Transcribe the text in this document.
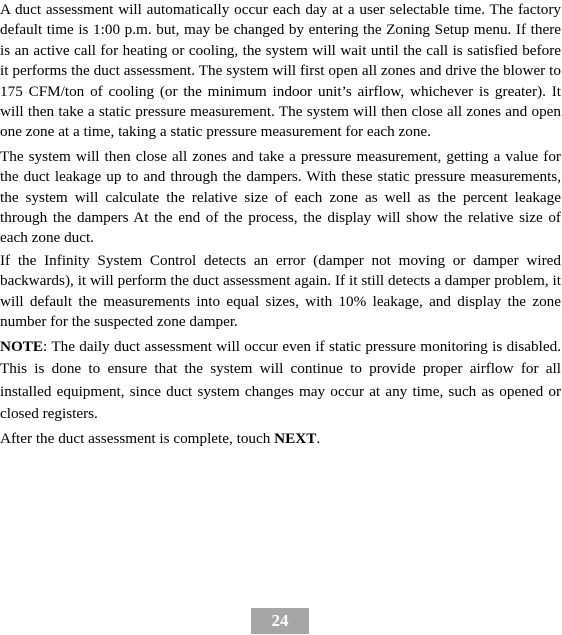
A duct assessment will automatically occur each day at a user selectable time. The factory default time is 1:00 p.m. but, may be changed by entering the Zoning Setup menu. If there is an active call for heating or cooling, the system will wait until the call is satisfied before it performs the duct assessment. The system will first open all zones and drive the blower to 175 CFM/ton of cooling (or the minimum indoor unit’s airflow, whichever is greater). It will then take a static pressure measurement. The system will then close all zones and open one zone at a time, taking a static pressure measurement for each zone.

The system will then close all zones and take a pressure measurement, getting a value for the duct leakage up to and through the dampers. With these static pressure measurements, the system will calculate the relative size of each zone as well as the percent leakage through the dampers At the end of the process, the display will show the relative size of each zone duct.

If the Infinity System Control detects an error (damper not moving or damper wired backwards), it will perform the duct assessment again. If it still detects a damper problem, it will default the measurements into equal sizes, with 10% leakage, and display the zone number for the suspected zone damper.

NOTE: The daily duct assessment will occur even if static pressure monitoring is disabled. This is done to ensure that the system will continue to provide proper airflow for all installed equipment, since duct system changes may occur at any time, such as opened or closed registers.

After the duct assessment is complete, touch NEXT.

24
